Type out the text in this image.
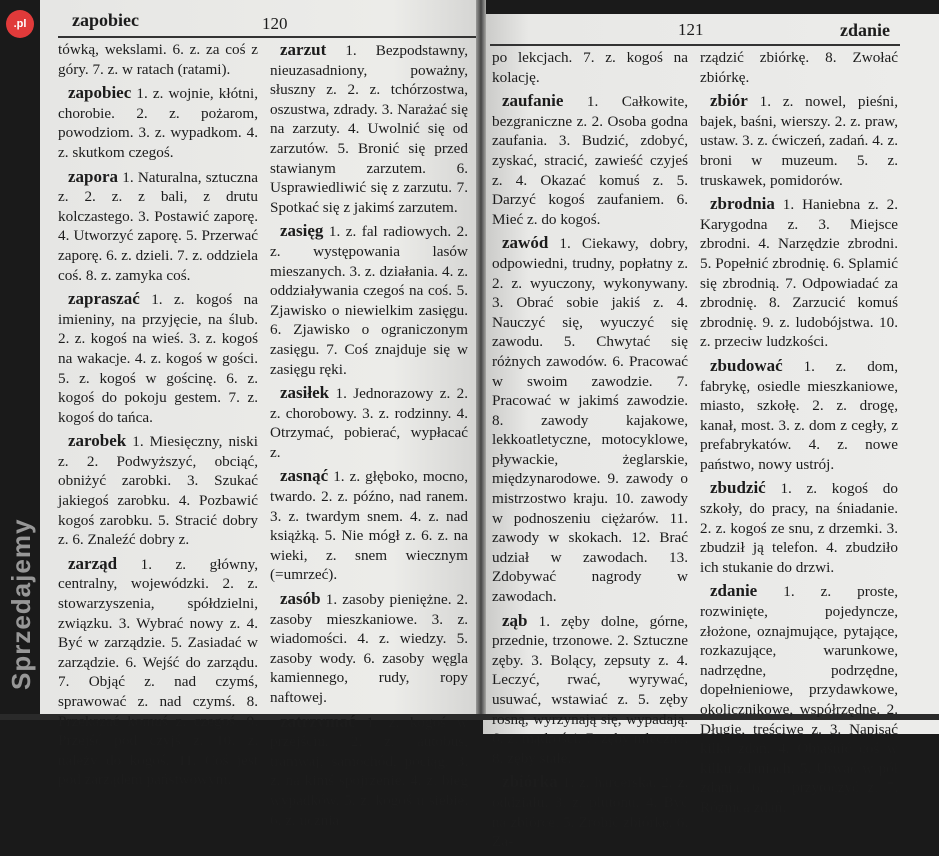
zapobiec	120	121	zdanie

tówką, wekslami. 6. z. za coś z góry. 7. z. w ratach (ratami).

zapobiec 1. z. wojnie, kłótni, chorobie. 2. z. pożarom, powodziom. 3. z. wypadkom. 4. z. skutkom czegoś.

zapora 1. Naturalna, sztuczna z. 2. z. z bali, z drutu kolczastego. 3. Postawić zaporę. 4. Utworzyć zaporę. 5. Przerwać zaporę. 6. z. dzieli. 7. z. oddziela coś. 8. z. zamyka coś.

zapraszać 1. z. kogoś na imieniny, na przyjęcie, na ślub. 2. z. kogoś na wieś. 3. z. kogoś na wakacje. 4. z. kogoś w gości. 5. z. kogoś w gościnę. 6. z. kogoś do pokoju gestem. 7. z. kogoś do tańca.

zarobek 1. Miesięczny, niski z. 2. Podwyższyć, obciąć, obniżyć zarobki. 3. Szukać jakiegoś zarobku. 4. Pozbawić kogoś zarobku. 5. Stracić dobry z. 6. Znaleźć dobry z.

zarząd 1. z. główny, centralny, wojewódzki. 2. z. stowarzyszenia, spółdzielni, związku. 3. Wybrać nowy z. 4. Być w zarządzie. 5. Zasiadać w zarządzie. 6. Wejść do zarządu. 7. Objąć z. nad czymś, sprawować z. nad czymś. 8. Przekazać komuś z. czegoś. 9. Przejść pod czyjś z. 10. z. należy do kogoś. 11. Coś jest pod zarządem państwowym.

zarzut 1. Bezpodstawny, nieuzasadniony, poważny, słuszny z. 2. z. tchórzostwa, oszustwa, zdrady. 3. Narażać się na zarzuty. 4. Uwolnić się od zarzutów. 5. Bronić się przed stawianym zarzutem. 6. Usprawiedliwić się z zarzutu. 7. Spotkać się z jakimś zarzutem.

zasięg 1. z. fal radiowych. 2. z. występowania lasów mieszanych. 3. z. działania. 4. z. oddziaływania czegoś na coś. 5. Zjawisko o niewielkim zasięgu. 6. Zjawisko o ograniczonym zasięgu. 7. Coś znajduje się w zasięgu ręki.

zasiłek 1. Jednorazowy z. 2. z. chorobowy. 3. z. rodzinny. 4. Otrzymać, pobierać, wypłacać z.

zasnąć 1. z. głęboko, mocno, twardo. 2. z. późno, nad ranem. 3. z. twardym snem. 4. z. nad książką. 5. Nie mógł z. 6. z. na wieki, z. snem wiecznym (=umrzeć).

zasób 1. zasoby pieniężne. 2. zasoby mieszkaniowe. 3. z. wiadomości. 4. z. wiedzy. 5. zasoby wody. 6. zasoby węgla kamiennego, rudy, ropy naftowej.

zatrzymać 1. z. kogoś w przejściu. 2. z. autobus, tramwaj, samochód, pociąg. 3. z. na kimś spojrzenie. 4. z. bieg wypadków. 5. z. kogoś u siebie. 6. z. uczniа

po lekcjach. 7. z. kogoś na kolację.

zaufanie 1. Całkowite, bezgraniczne z. 2. Osoba godna zaufania. 3. Budzić, zdobyć, zyskać, stracić, zawieść czyjeś z. 4. Okazać komuś z. 5. Darzyć kogoś zaufaniem. 6. Mieć z. do kogoś.

zawód 1. Ciekawy, dobry, odpowiedni, trudny, popłatny z. 2. z. wyuczony, wykonywany. 3. Obrać sobie jakiś z. 4. Nauczyć się, wyuczyć się zawodu. 5. Chwytać się różnych zawodów. 6. Pracować w swoim zawodzie. 7. Pracować w jakimś zawodzie. 8. zawody kajakowe, lekkoatletyczne, motocyklowe, pływackie, żeglarskie, międzynarodowe. 9. zawody o mistrzostwo kraju. 10. zawody w podnoszeniu ciężarów. 11. zawody w skokach. 12. Brać udział w zawodach. 13. Zdobywać nagrody w zawodach.

ząb 1. zęby dolne, górne, przednie, trzonowe. 2. Sztuczne zęby. 3. Bolący, zepsuty z. 4. Leczyć, rwać, wyrywać, usuwać, wstawiać z. 5. zęby rosną, wyrzynają się, wypadają. 6. z. mądrości. 7. zęby mleczne. 8. zęby stałe.

zbiórka 1. z. harcerska. 2. z. oddziału. 3. z. plutonu. 4. Być na zbiórce. 5. Zrobić zbiórkę. 6. Za-

rządzić zbiórkę. 8. Zwołać zbiórkę.

zbiór 1. z. nowel, pieśni, bajek, baśni, wierszy. 2. z. praw, ustaw. 3. z. ćwiczeń, zadań. 4. z. broni w muzeum. 5. z. truskawek, pomidorów.

zbrodnia 1. Haniebna z. 2. Karygodna z. 3. Miejsce zbrodni. 4. Narzędzie zbrodni. 5. Popełnić zbrodnię. 6. Splamić się zbrodnią. 7. Odpowiadać za zbrodnię. 8. Zarzucić komuś zbrodnię. 9. z. ludobójstwa. 10. z. przeciw ludzkości.

zbudować 1. z. dom, fabrykę, osiedle mieszkaniowe, miasto, szkołę. 2. z. drogę, kanał, most. 3. z. dom z cegły, z prefabrykatów. 4. z. nowe państwo, nowy ustrój.

zbudzić 1. z. kogoś do szkoły, do pracy, na śniadanie. 2. z. kogoś ze snu, z drzemki. 3. zbudził ją telefon. 4. zbudziło ich stukanie do drzwi.

zdanie 1. z. proste, rozwinięte, pojedyncze, złożone, oznajmujące, pytające, rozkazujące, warunkowe, nadrzędne, podrzędne, dopełnieniowe, przydawkowe, okolicznikowe, współrzędne. 2. Długie, treściwe z. 3. Napisać kilka zdań. 4. Objaśnić coś w kilku zdaniach. 5. Urwać w pół zdania. 6. ... przytoczyć z. 7. Różnica zdań.

Sprzedajemy
.pl
